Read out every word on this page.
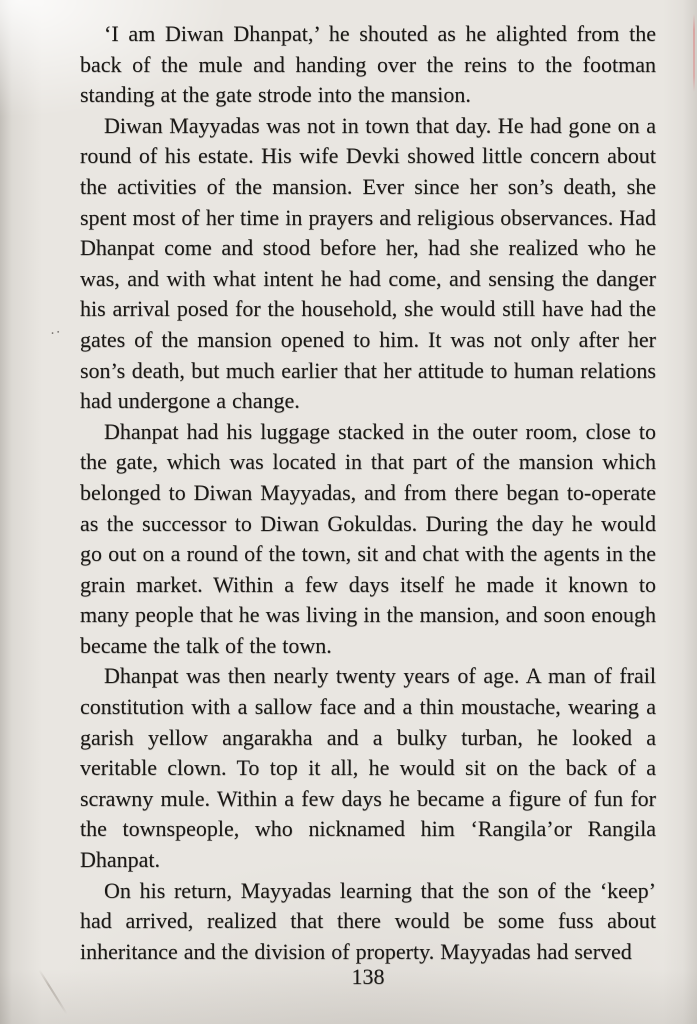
‘I am Diwan Dhanpat,’ he shouted as he alighted from the back of the mule and handing over the reins to the footman standing at the gate strode into the mansion.

Diwan Mayyadas was not in town that day. He had gone on a round of his estate. His wife Devki showed little concern about the activities of the mansion. Ever since her son’s death, she spent most of her time in prayers and religious observances. Had Dhanpat come and stood before her, had she realized who he was, and with what intent he had come, and sensing the danger his arrival posed for the household, she would still have had the gates of the mansion opened to him. It was not only after her son’s death, but much earlier that her attitude to human relations had undergone a change.

Dhanpat had his luggage stacked in the outer room, close to the gate, which was located in that part of the mansion which belonged to Diwan Mayyadas, and from there began to-operate as the successor to Diwan Gokuldas. During the day he would go out on a round of the town, sit and chat with the agents in the grain market. Within a few days itself he made it known to many people that he was living in the mansion, and soon enough became the talk of the town.

Dhanpat was then nearly twenty years of age. A man of frail constitution with a sallow face and a thin moustache, wearing a garish yellow angarakha and a bulky turban, he looked a veritable clown. To top it all, he would sit on the back of a scrawny mule. Within a few days he became a figure of fun for the townspeople, who nicknamed him ‘Rangila’or Rangila Dhanpat.

On his return, Mayyadas learning that the son of the ‘keep’ had arrived, realized that there would be some fuss about inheritance and the division of property. Mayyadas had served

..
138
